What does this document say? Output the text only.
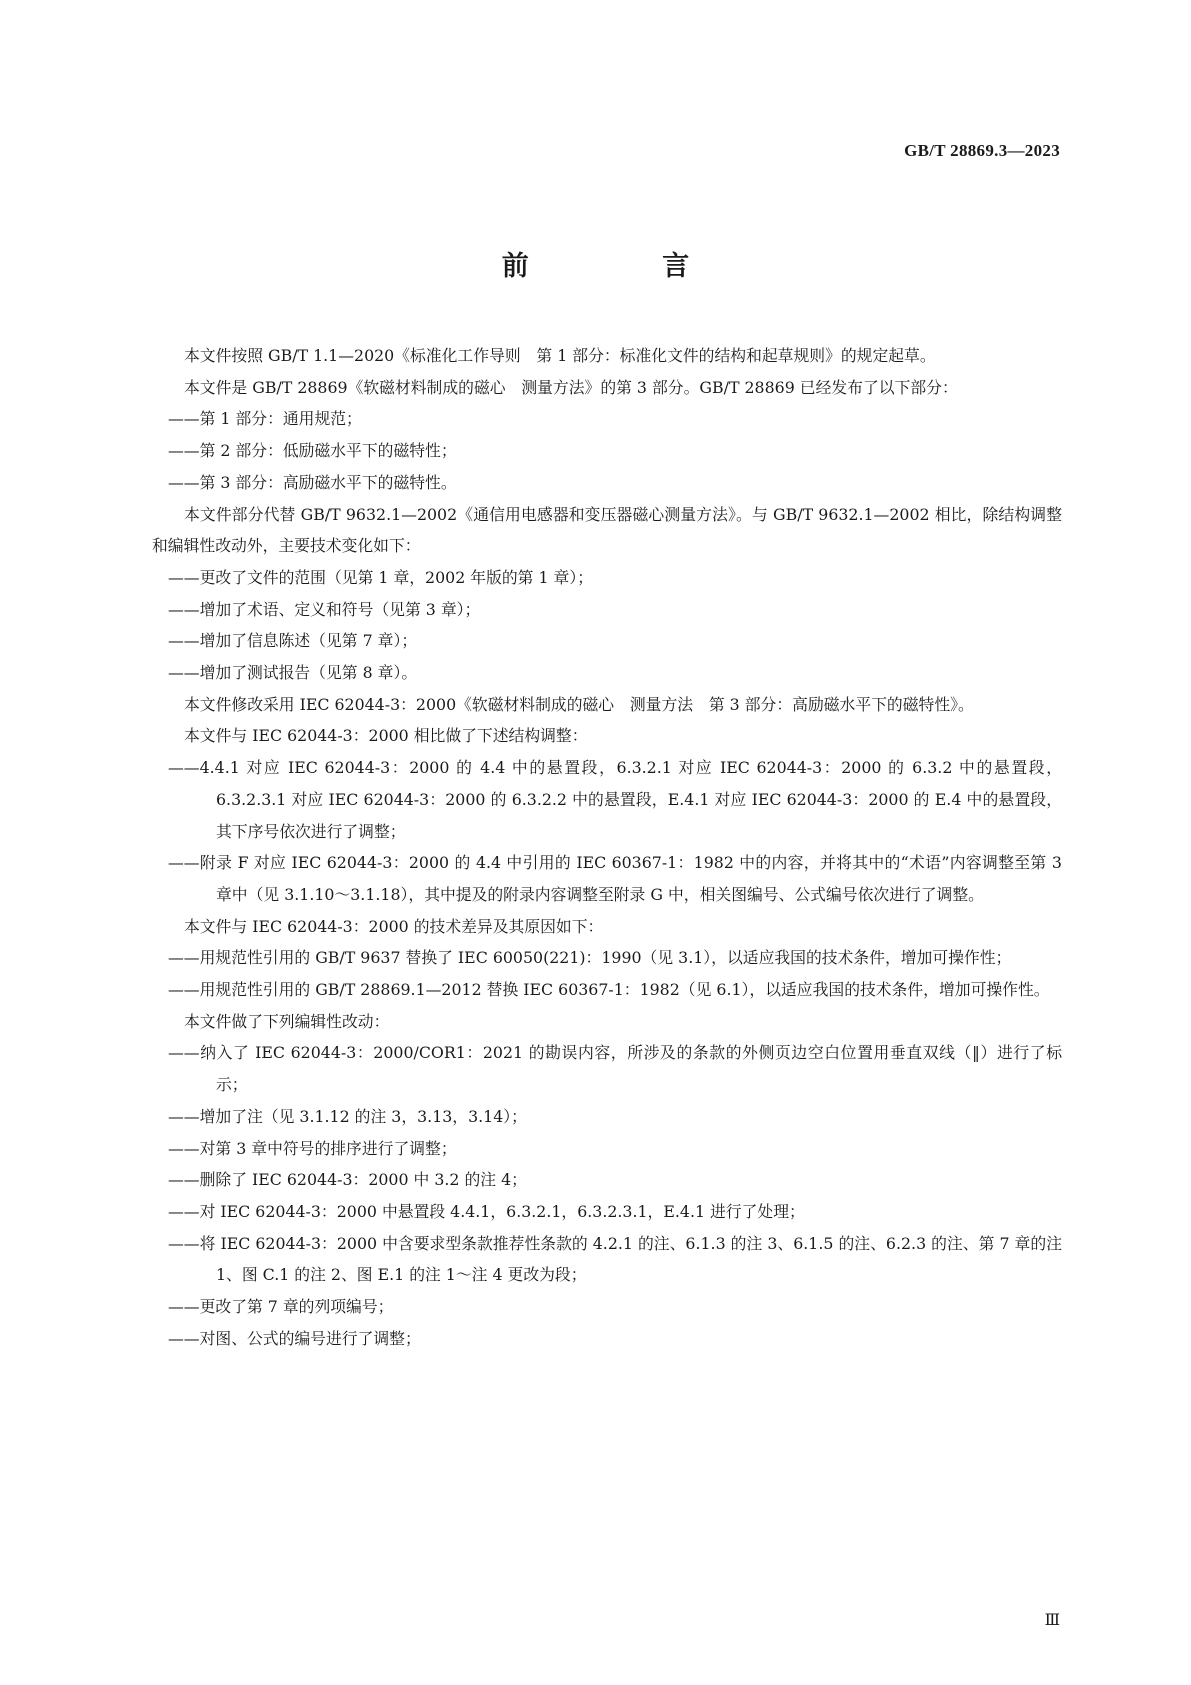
GB/T 28869.3—2023
前 言

本文件按照 GB/T 1.1—2020《标准化工作导则　第 1 部分：标准化文件的结构和起草规则》的规定起草。

本文件是 GB/T 28869《软磁材料制成的磁心　测量方法》的第 3 部分。GB/T 28869 已经发布了以下部分：

——第 1 部分：通用规范；

——第 2 部分：低励磁水平下的磁特性；

——第 3 部分：高励磁水平下的磁特性。

本文件部分代替 GB/T 9632.1—2002《通信用电感器和变压器磁心测量方法》。与 GB/T 9632.1—2002 相比，除结构调整和编辑性改动外，主要技术变化如下：

——更改了文件的范围（见第 1 章，2002 年版的第 1 章）；

——增加了术语、定义和符号（见第 3 章）；

——增加了信息陈述（见第 7 章）；

——增加了测试报告（见第 8 章）。

本文件修改采用 IEC 62044-3：2000《软磁材料制成的磁心　测量方法　第 3 部分：高励磁水平下的磁特性》。

本文件与 IEC 62044-3：2000 相比做了下述结构调整：

——4.4.1 对应 IEC 62044-3：2000 的 4.4 中的悬置段，6.3.2.1 对应 IEC 62044-3：2000 的 6.3.2 中的悬置段，6.3.2.3.1 对应 IEC 62044-3：2000 的 6.3.2.2 中的悬置段，E.4.1 对应 IEC 62044-3：2000 的 E.4 中的悬置段，其下序号依次进行了调整；

——附录 F 对应 IEC 62044-3：2000 的 4.4 中引用的 IEC 60367-1：1982 中的内容，并将其中的“术语”内容调整至第 3 章中（见 3.1.10～3.1.18），其中提及的附录内容调整至附录 G 中，相关图编号、公式编号依次进行了调整。

本文件与 IEC 62044-3：2000 的技术差异及其原因如下：

——用规范性引用的 GB/T 9637 替换了 IEC 60050(221)：1990（见 3.1），以适应我国的技术条件，增加可操作性；

——用规范性引用的 GB/T 28869.1—2012 替换 IEC 60367-1：1982（见 6.1），以适应我国的技术条件，增加可操作性。

本文件做了下列编辑性改动：

——纳入了 IEC 62044-3：2000/COR1：2021 的勘误内容，所涉及的条款的外侧页边空白位置用垂直双线（‖）进行了标示；

——增加了注（见 3.1.12 的注 3，3.13，3.14）；

——对第 3 章中符号的排序进行了调整；

——删除了 IEC 62044-3：2000 中 3.2 的注 4；

——对 IEC 62044-3：2000 中悬置段 4.4.1，6.3.2.1，6.3.2.3.1，E.4.1 进行了处理；

——将 IEC 62044-3：2000 中含要求型条款推荐性条款的 4.2.1 的注、6.1.3 的注 3、6.1.5 的注、6.2.3 的注、第 7 章的注 1、图 C.1 的注 2、图 E.1 的注 1～注 4 更改为段；

——更改了第 7 章的列项编号；

——对图、公式的编号进行了调整；

Ⅲ
